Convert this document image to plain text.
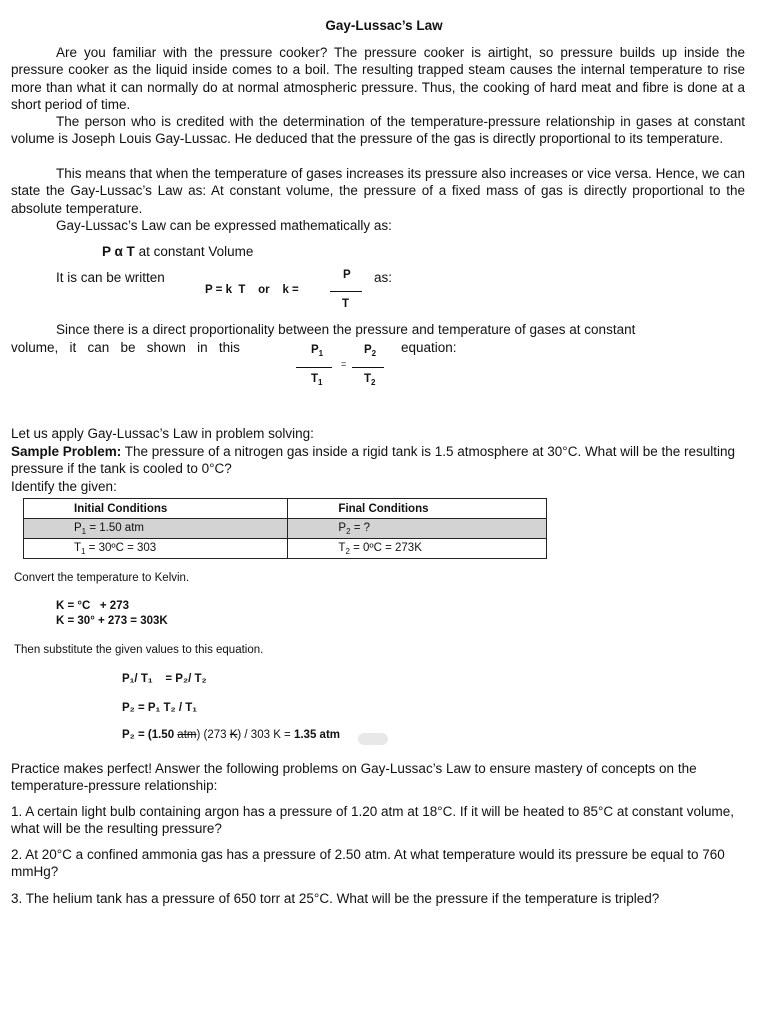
Gay-Lussac’s Law

Are you familiar with the pressure cooker? The pressure cooker is airtight, so pressure builds up inside the pressure cooker as the liquid inside comes to a boil. The resulting trapped steam causes the internal temperature to rise more than what it can normally do at normal atmospheric pressure. Thus, the cooking of hard meat and fibre is done at a short period of time.

The person who is credited with the determination of the temperature-pressure relationship in gases at constant volume is Joseph Louis Gay-Lussac. He deduced that the pressure of the gas is directly proportional to its temperature.

This means that when the temperature of gases increases its pressure also increases or vice versa. Hence, we can state the Gay-Lussac’s Law as: At constant volume, the pressure of a fixed mass of gas is directly proportional to the absolute temperature.

Gay-Lussac’s Law can be expressed mathematically as:

P α T at constant Volume
It is can be written
P = k  T    or    k =
P
T
as:
Since there is a direct proportionality between the pressure and temperature of gases at constant
volume,   it   can   be   shown   in   this	equation:
$P_1$
$T_1$
=
$P_2$
$T_2$
Let us apply Gay-Lussac’s Law in problem solving:

Sample Problem: The pressure of a nitrogen gas inside a rigid tank is 1.5 atmosphere at 30°C. What will be the resulting pressure if the tank is cooled to 0°C?

Identify the given:
Initial Conditions	Final Conditions
$P_1 = 1.50$ atm	$P_2$ = ?
$T_1$ = 30ºC = 303	$T_2$ = 0ºC = 273K
Convert the temperature to Kelvin.
K = °C   + 273
K = 30° + 273 = 303K
Then substitute the given values to this equation.
P₁/ T₁    = P₂/ T₂
P₂ = P₁ T₂ / T₁
P₂ = (1.50 atm) (273 K) / 303 K = 1.35 atm

Practice makes perfect! Answer the following problems on Gay-Lussac’s Law to ensure mastery of concepts on the temperature-pressure relationship:

1. A certain light bulb containing argon has a pressure of 1.20 atm at 18°C. If it will be heated to 85°C at constant volume, what will be the resulting pressure?

2. At 20°C a confined ammonia gas has a pressure of 2.50 atm. At what temperature would its pressure be equal to 760 mmHg?

3. The helium tank has a pressure of 650 torr at 25°C. What will be the pressure if the temperature is tripled?
